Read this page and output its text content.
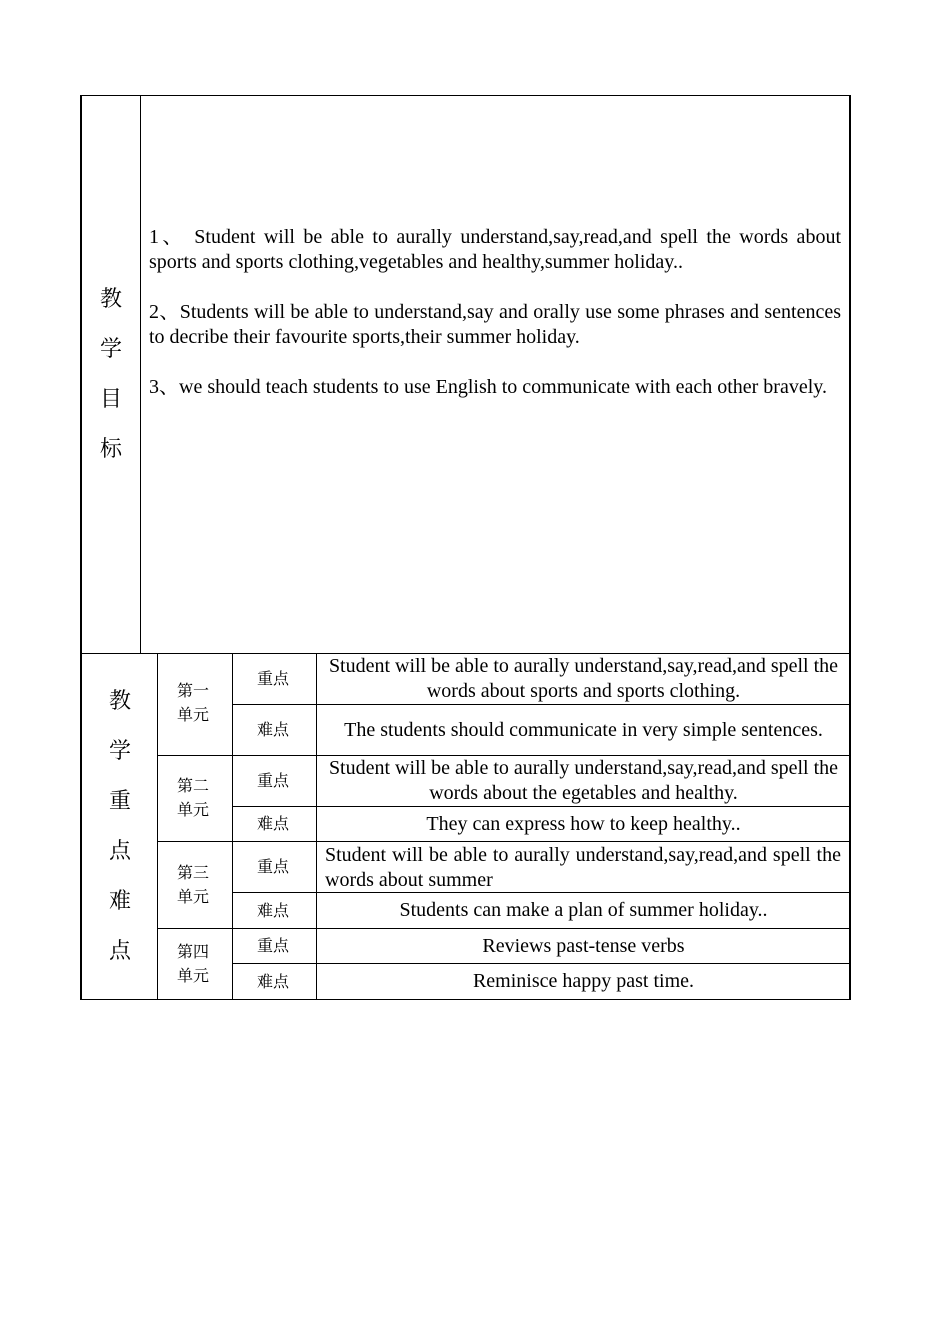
教
学
目
标
1、 Student will be able to aurally understand,say,read,and spell the words about sports and sports clothing,vegetables and healthy,summer holiday..
2、Students will be able to understand,say and orally use some phrases and sentences to decribe their favourite sports,their summer holiday.
3、we should teach students to use English to communicate with each other bravely.
教
学
重
点
难
点
第一单元
第二单元
第三单元
第四单元
重点
难点
重点
难点
重点
难点
重点
难点
Student will be able to aurally understand,say,read,and spell the words about sports and sports clothing.
The students should communicate in very simple sentences.
Student will be able to aurally understand,say,read,and spell the words about the egetables and healthy.
They can express how to keep healthy..
Student will be able to aurally understand,say,read,and spell the words about summer
Students can make a plan of summer holiday..
Reviews past-tense verbs
Reminisce happy past time.
